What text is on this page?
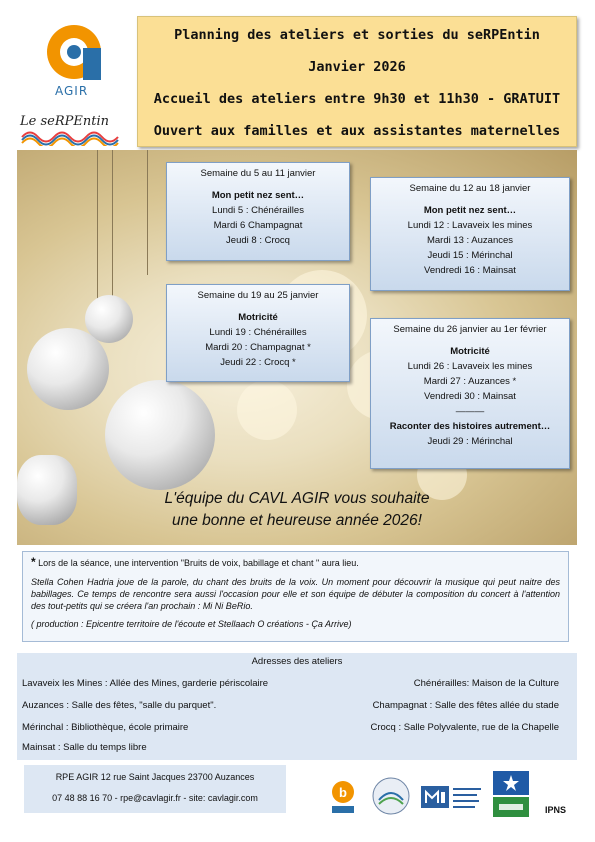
AGIR
Le seRPEntin
Planning des ateliers et sorties du seRPEntin
Janvier 2026
Accueil des ateliers entre 9h30 et 11h30 - GRATUIT
Ouvert aux familles et aux assistantes maternelles
Semaine du 5 au 11 janvier
Mon petit nez sent…
Lundi 5 : Chénérailles
Mardi 6 Champagnat
Jeudi 8 : Crocq
Semaine du 12 au 18 janvier
Mon petit nez sent…
Lundi 12 : Lavaveix les mines
Mardi 13 : Auzances
Jeudi 15 : Mérinchal
Vendredi 16 : Mainsat
Semaine du 19 au 25 janvier
Motricité
Lundi 19 : Chénérailles
Mardi 20 : Champagnat *
Jeudi 22 : Crocq *
Semaine du 26 janvier au 1er février
Motricité
Lundi 26 : Lavaveix les mines
Mardi 27 : Auzances *
Vendredi 30 : Mainsat
———
Raconter des histoires autrement…
Jeudi 29 : Mérinchal
L'équipe du CAVL AGIR vous souhaite
une bonne et heureuse année 2026!

* Lors de la séance, une intervention "Bruits de voix, babillage et chant " aura lieu.

Stella Cohen Hadria joue de la parole, du chant des bruits de la voix. Un moment pour découvrir la musique qui peut naitre des babillages. Ce temps de rencontre sera aussi l'occasion pour elle et son équipe de débuter la composition du concert à l'attention des tout-petits qui se créera l'an prochain : Mi Ni BeRio.

( production : Epicentre territoire de l'écoute et Stellaach O créations - Ça Arrive)

Adresses des ateliers
Lavaveix les Mines : Allée des Mines, garderie périscolaire
Auzances : Salle des fêtes, "salle du parquet".
Mérinchal : Bibliothèque, école primaire
Mainsat : Salle du temps libre
Chénérailles: Maison de la Culture
Champagnat : Salle des fêtes allée du stade
Crocq : Salle Polyvalente, rue de la Chapelle
RPE AGIR 12 rue Saint Jacques 23700 Auzances
07 48 88 16 70 - rpe@cavlagir.fr - site: cavlagir.com	b
IPNS
